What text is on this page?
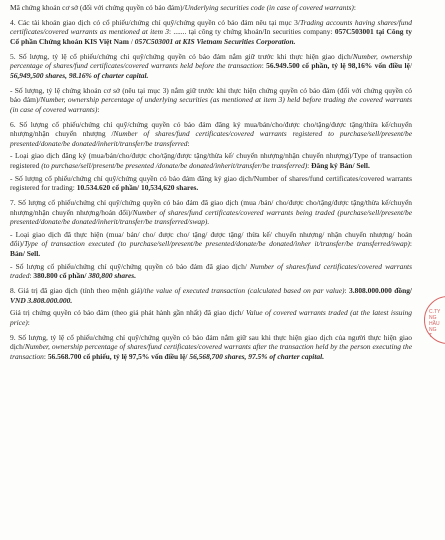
Mã chứng khoán cơ sở (đối với chứng quyền có bảo đảm)/Underlying securities code (in case of covered warrants):

4. Các tài khoản giao dịch có cổ phiếu/chứng chỉ quỹ/chứng quyền có bảo đảm nêu tại mục 3/Trading accounts having shares/fund certificates/covered warrants as mentioned at item 3: ....... tại công ty chứng khoán/In securities company: 057C503001 tại Công ty Cổ phần Chứng khoán KIS Việt Nam / 057C503001 at KIS Vietnam Securities Corporation.

5. Số lượng, tỷ lệ cổ phiếu/chứng chỉ quỹ/chứng quyền có bảo đảm nắm giữ trước khi thực hiện giao dịch/Number, ownership percentage of shares/fund certificates/covered warrants held before the transaction: 56.949.500 cổ phần, tỷ lệ 98,16% vốn điều lệ/ 56,949,500 shares, 98.16% of charter capital.

- Số lượng, tỷ lệ chứng khoán cơ sở (nêu tại mục 3) nắm giữ trước khi thực hiện chứng quyền có bảo đảm (đối với chứng quyền có bảo đảm)/Number, ownership percentage of underlying securities (as mentioned at item 3) held before trading the covered warrants (in case of covered warrants):

6. Số lượng cổ phiếu/chứng chỉ quỹ/chứng quyền có bảo đảm đăng ký mua/bán/cho/được cho/tặng/được tặng/thừa kế/chuyển nhượng/nhận chuyển nhượng /Number of shares/fund certificates/covered warrants registered to purchase/sell/present/be presented/donate/be donated/inherit/transfer/be transferred:

- Loại giao dịch đăng ký (mua/bán/cho/được cho/tặng/được tặng/thừa kế/ chuyển nhượng/nhận chuyển nhượng)/Type of transaction registered (to purchase/sell/present/be presented /donate/be donated/inherit/transfer/be transferred): Đăng ký Bán/ Sell.

- Số lượng cổ phiếu/chứng chỉ quỹ/chứng quyền có bảo đảm đăng ký giao dịch/Number of shares/fund certificates/covered warrants registered for trading: 10.534.620 cổ phần/ 10,534,620 shares.

7. Số lượng cổ phiếu/chứng chỉ quỹ/chứng quyền có bảo đảm đã giao dịch (mua /bán/ cho/được cho/tặng/được tặng/thừa kế/chuyển nhượng/nhận chuyển nhượng/hoán đổi)/Number of shares/fund certificates/covered warrants being traded (purchase/sell/present/be presented/donate/be donated/inherit/transfer/be transferred/swap).

- Loại giao dịch đã thực hiện (mua/ bán/ cho/ được cho/ tặng/ được tặng/ thừa kế/ chuyển nhượng/ nhận chuyển nhượng/ hoán đổi)/Type of transaction executed (to purchase/sell/present/be presented/donate/be donated/inher it/transfer/be transferred/swap): Bán/ Sell.

- Số lượng cổ phiếu/chứng chỉ quỹ/chứng quyền có bảo đảm đã giao dịch/ Number of shares/fund certificates/covered warrants traded: 380.800 cổ phần/ 380,800 shares.

8. Giá trị đã giao dịch (tính theo mệnh giá)/the value of executed transaction (calculated based on par value): 3.808.000.000 đồng/ VND 3.808.000.000.

Giá trị chứng quyền có bảo đảm (theo giá phát hành gần nhất) đã giao dịch/ Value of covered warrants traded (at the latest issuing price):

9. Số lượng, tỷ lệ cổ phiếu/chứng chỉ quỹ/chứng quyền có bảo đảm nắm giữ sau khi thực hiện giao dịch của người thực hiện giao dịch/Number, ownership percentage of shares/fund certificates/covered warrants after the transaction held by the person executing the transaction: 56.568.700 cổ phiếu, tỷ lệ 97,5% vốn điều lệ/ 56,568,700 shares, 97.5% of charter capital.

C.TY
NG
HẦU
NG
T
